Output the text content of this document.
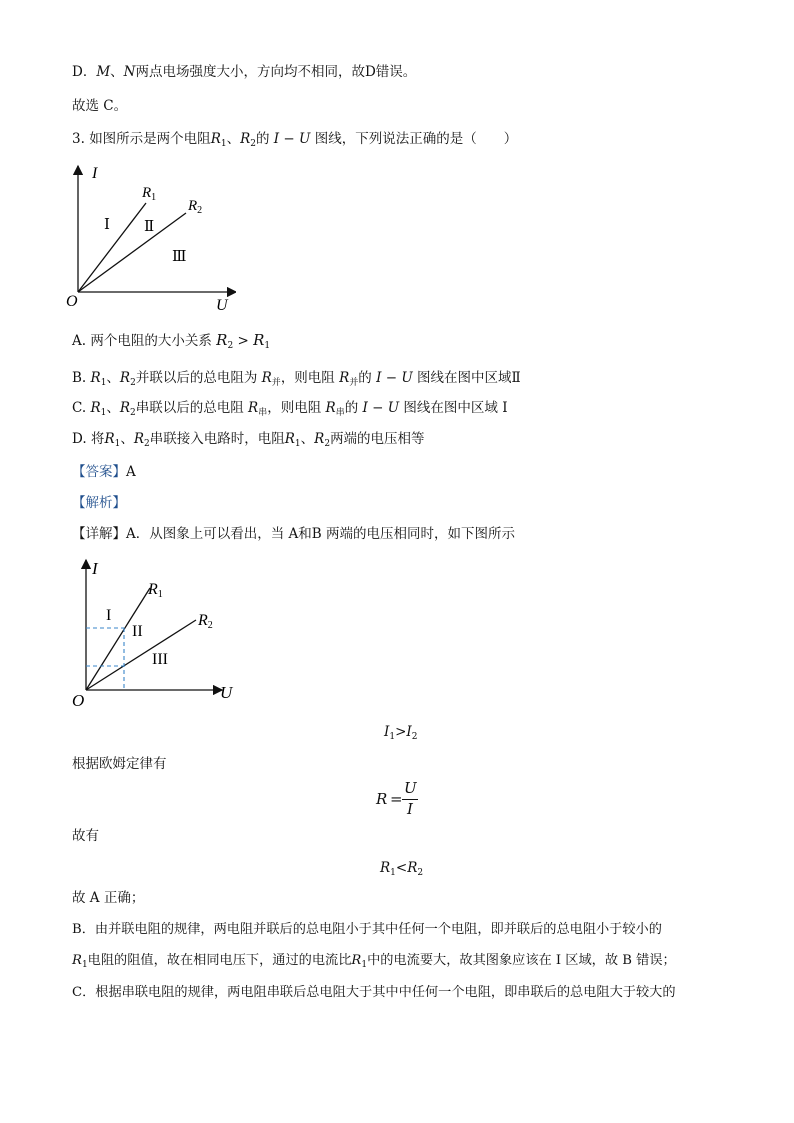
D．M、N两点电场强度大小，方向均不相同，故D错误。
故选 C。
3. 如图所示是两个电阻$R_1$、$R_2$的 I − U 图线，下列说法正确的是（　　）
I
U
O
$R_1$
$R_2$
Ⅰ Ⅱ
Ⅲ
A. 两个电阻的大小关系 $R_2 > R_1$
B. $R_1$、$R_2$并联以后的总电阻为 $R_并$，则电阻 $R_并$的 I − U 图线在图中区域Ⅱ
C. $R_1$、$R_2$串联以后的总电阻 $R_串$，则电阻 $R_串$的 I − U 图线在图中区域 I
D. 将$R_1$、$R_2$串联接入电路时，电阻$R_1$、$R_2$两端的电压相等
【答案】A
【解析】
【详解】A．从图象上可以看出，当 A和B 两端的电压相同时，如下图所示
I
U
O
R1
R2
I
II
III
$I_1>I_2$
根据欧姆定律有
R =
U
I
故有
$R_1<R_2$
故 A 正确；
B．由并联电阻的规律，两电阻并联后的总电阻小于其中任何一个电阻，即并联后的总电阻小于较小的
$R_1$电阻的阻值，故在相同电压下，通过的电流比$R_1$中的电流要大，故其图象应该在 I 区域，故 B 错误；
C．根据串联电阻的规律，两电阻串联后总电阻大于其中中任何一个电阻，即串联后的总电阻大于较大的
